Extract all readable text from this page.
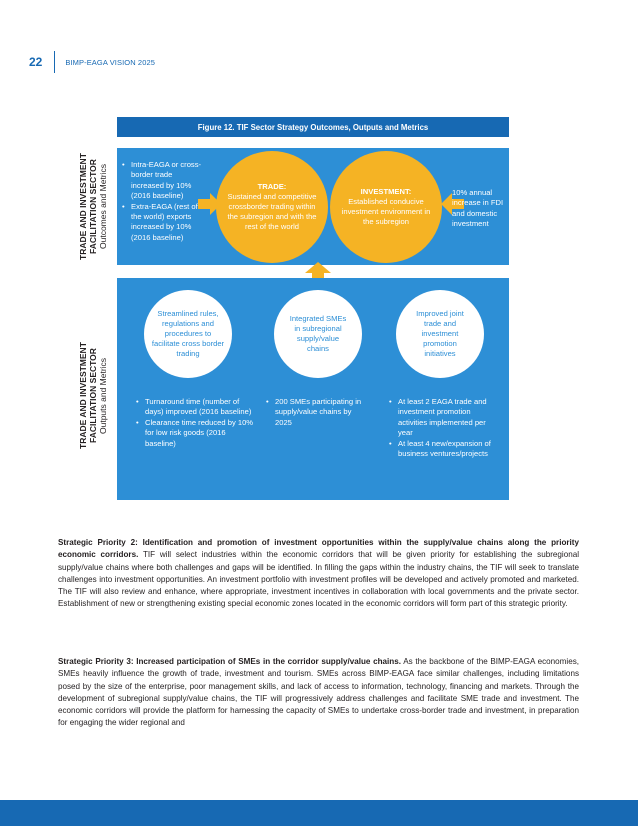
22	BIMP-EAGA VISION 2025
Figure 12. TIF Sector Strategy Outcomes, Outputs and Metrics
TRADE AND INVESTMENT FACILITATION SECTOR Outcomes and Metrics
TRADE AND INVESTMENT FACILITATION SECTOR Outputs and Metrics
• Intra-EAGA or cross-border trade increased by 10% (2016 baseline)
• Extra-EAGA (rest of the world) exports increased by 10% (2016 baseline)
TRADE:
Sustained and competitive crossborder trading within the subregion and with the rest of the world
INVESTMENT:
Established conducive investment environment in the subregion
10% annual increase in FDI and domestic investment
Streamlined rules, regulations and procedures to facilitate cross border trading
Integrated SMEs in subregional supply/value chains
Improved joint trade and investment promotion initiatives
• Turnaround time (number of days) improved (2016 baseline)
• Clearance time reduced by 10% for low risk goods (2016 baseline)
• 200 SMEs participating in supply/value chains by 2025
• At least 2 EAGA trade and investment promotion activities implemented per year
• At least 4 new/expansion of business ventures/projects

Strategic Priority 2: Identification and promotion of investment opportunities within the supply/value chains along the priority economic corridors. TIF will select industries within the economic corridors that will be given priority for establishing the subregional supply/value chains where both challenges and gaps will be identified. In filling the gaps within the industry chains, the TIF will seek to translate challenges into investment opportunities. An investment portfolio with investment profiles will be developed and actively promoted and marketed. The TIF will also review and enhance, where appropriate, investment incentives in collaboration with local governments and the private sector. Establishment of new or strengthening existing special economic zones located in the economic corridors will form part of this strategic priority.

Strategic Priority 3: Increased participation of SMEs in the corridor supply/value chains. As the backbone of the BIMP-EAGA economies, SMEs heavily influence the growth of trade, investment and tourism. SMEs across BIMP-EAGA face similar challenges, including limitations posed by the size of the enterprise, poor management skills, and lack of access to information, technology, financing and markets. Through the development of subregional supply/value chains, the TIF will progressively address challenges and facilitate SME trade and investment. The economic corridors will provide the platform for harnessing the capacity of SMEs to undertake cross-border trade and investment, in preparation for engaging the wider regional and
